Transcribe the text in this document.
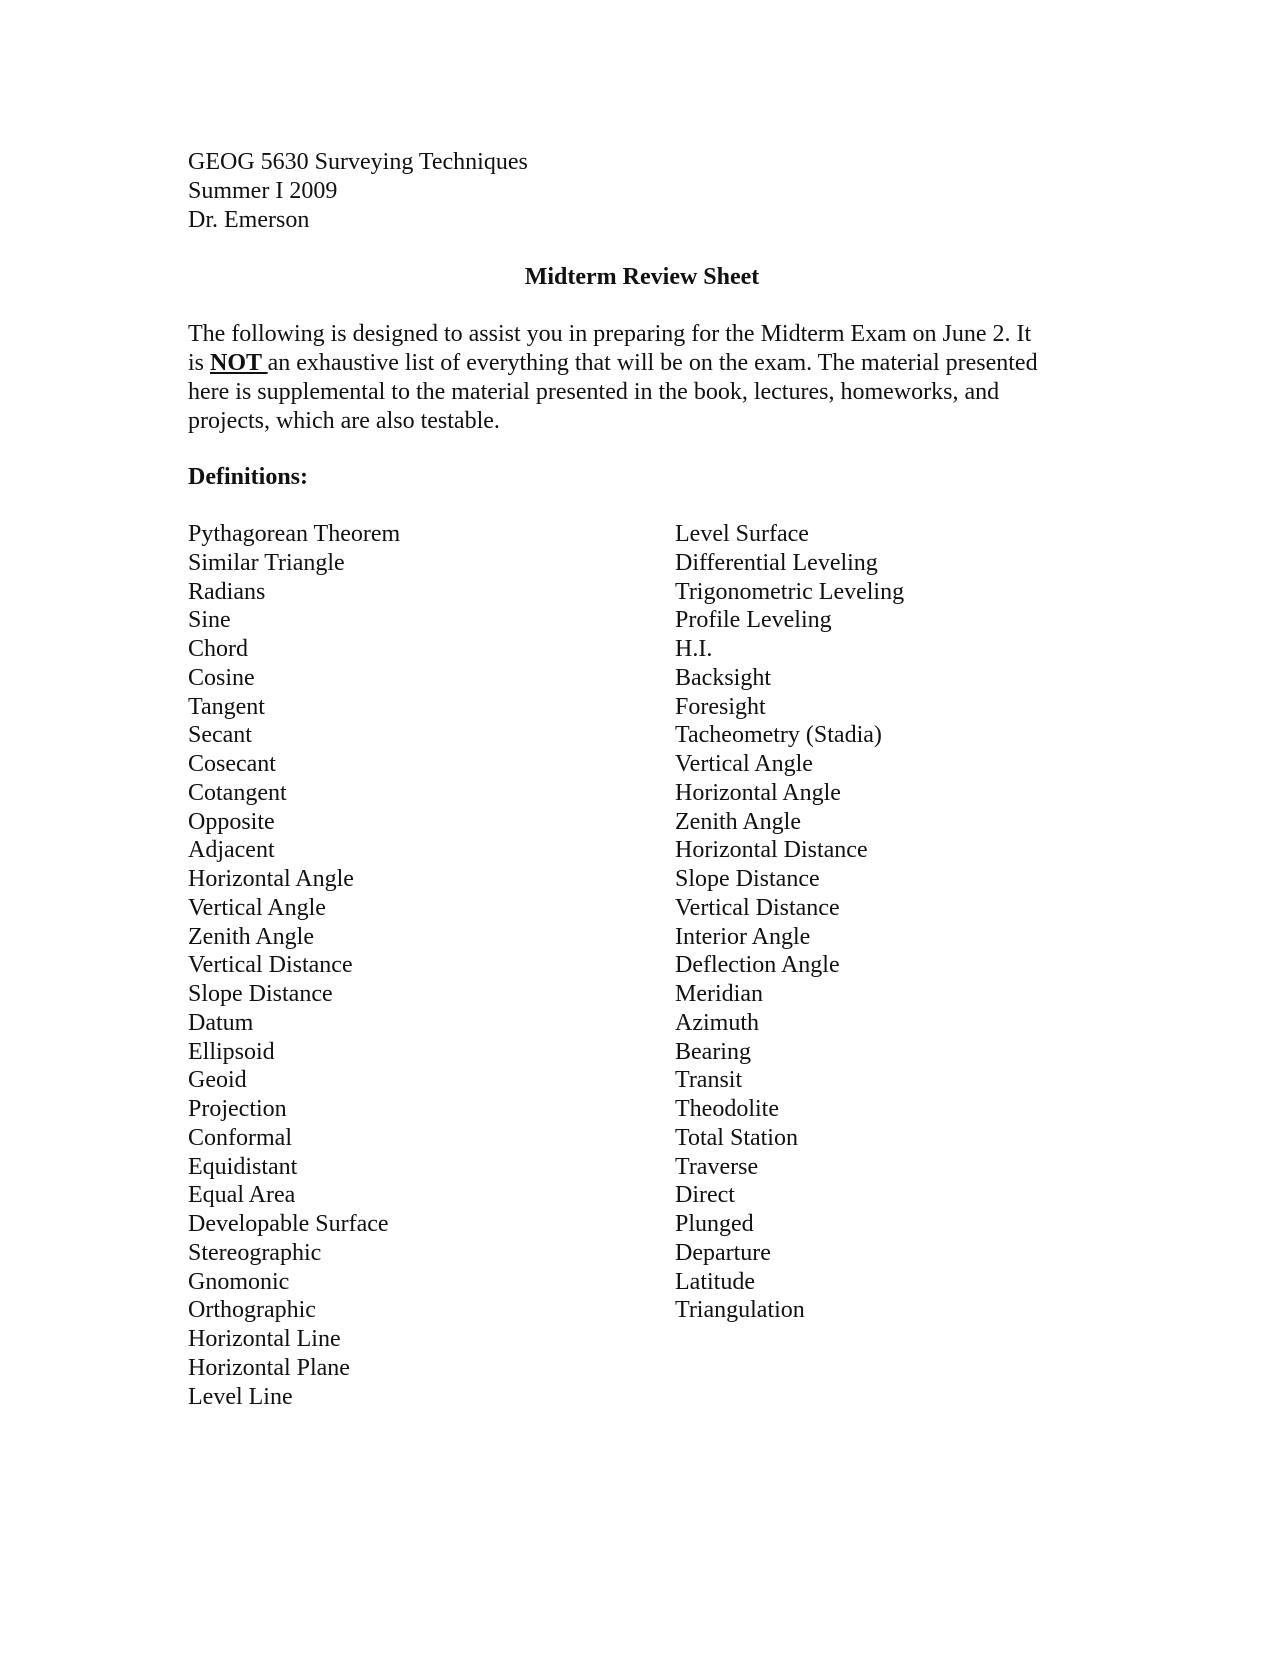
GEOG 5630 Surveying Techniques
Summer I 2009
Dr. Emerson
Midterm Review Sheet
The following is designed to assist you in preparing for the Midterm Exam on June 2. It
is NOT an exhaustive list of everything that will be on the exam. The material presented
here is supplemental to the material presented in the book, lectures, homeworks, and
projects, which are also testable.
Definitions:
Pythagorean Theorem
Similar Triangle
Radians
Sine
Chord
Cosine
Tangent
Secant
Cosecant
Cotangent
Opposite
Adjacent
Horizontal Angle
Vertical Angle
Zenith Angle
Vertical Distance
Slope Distance
Datum
Ellipsoid
Geoid
Projection
Conformal
Equidistant
Equal Area
Developable Surface
Stereographic
Gnomonic
Orthographic
Horizontal Line
Horizontal Plane
Level Line
Level Surface
Differential Leveling
Trigonometric Leveling
Profile Leveling
H.I.
Backsight
Foresight
Tacheometry (Stadia)
Vertical Angle
Horizontal Angle
Zenith Angle
Horizontal Distance
Slope Distance
Vertical Distance
Interior Angle
Deflection Angle
Meridian
Azimuth
Bearing
Transit
Theodolite
Total Station
Traverse
Direct
Plunged
Departure
Latitude
Triangulation
